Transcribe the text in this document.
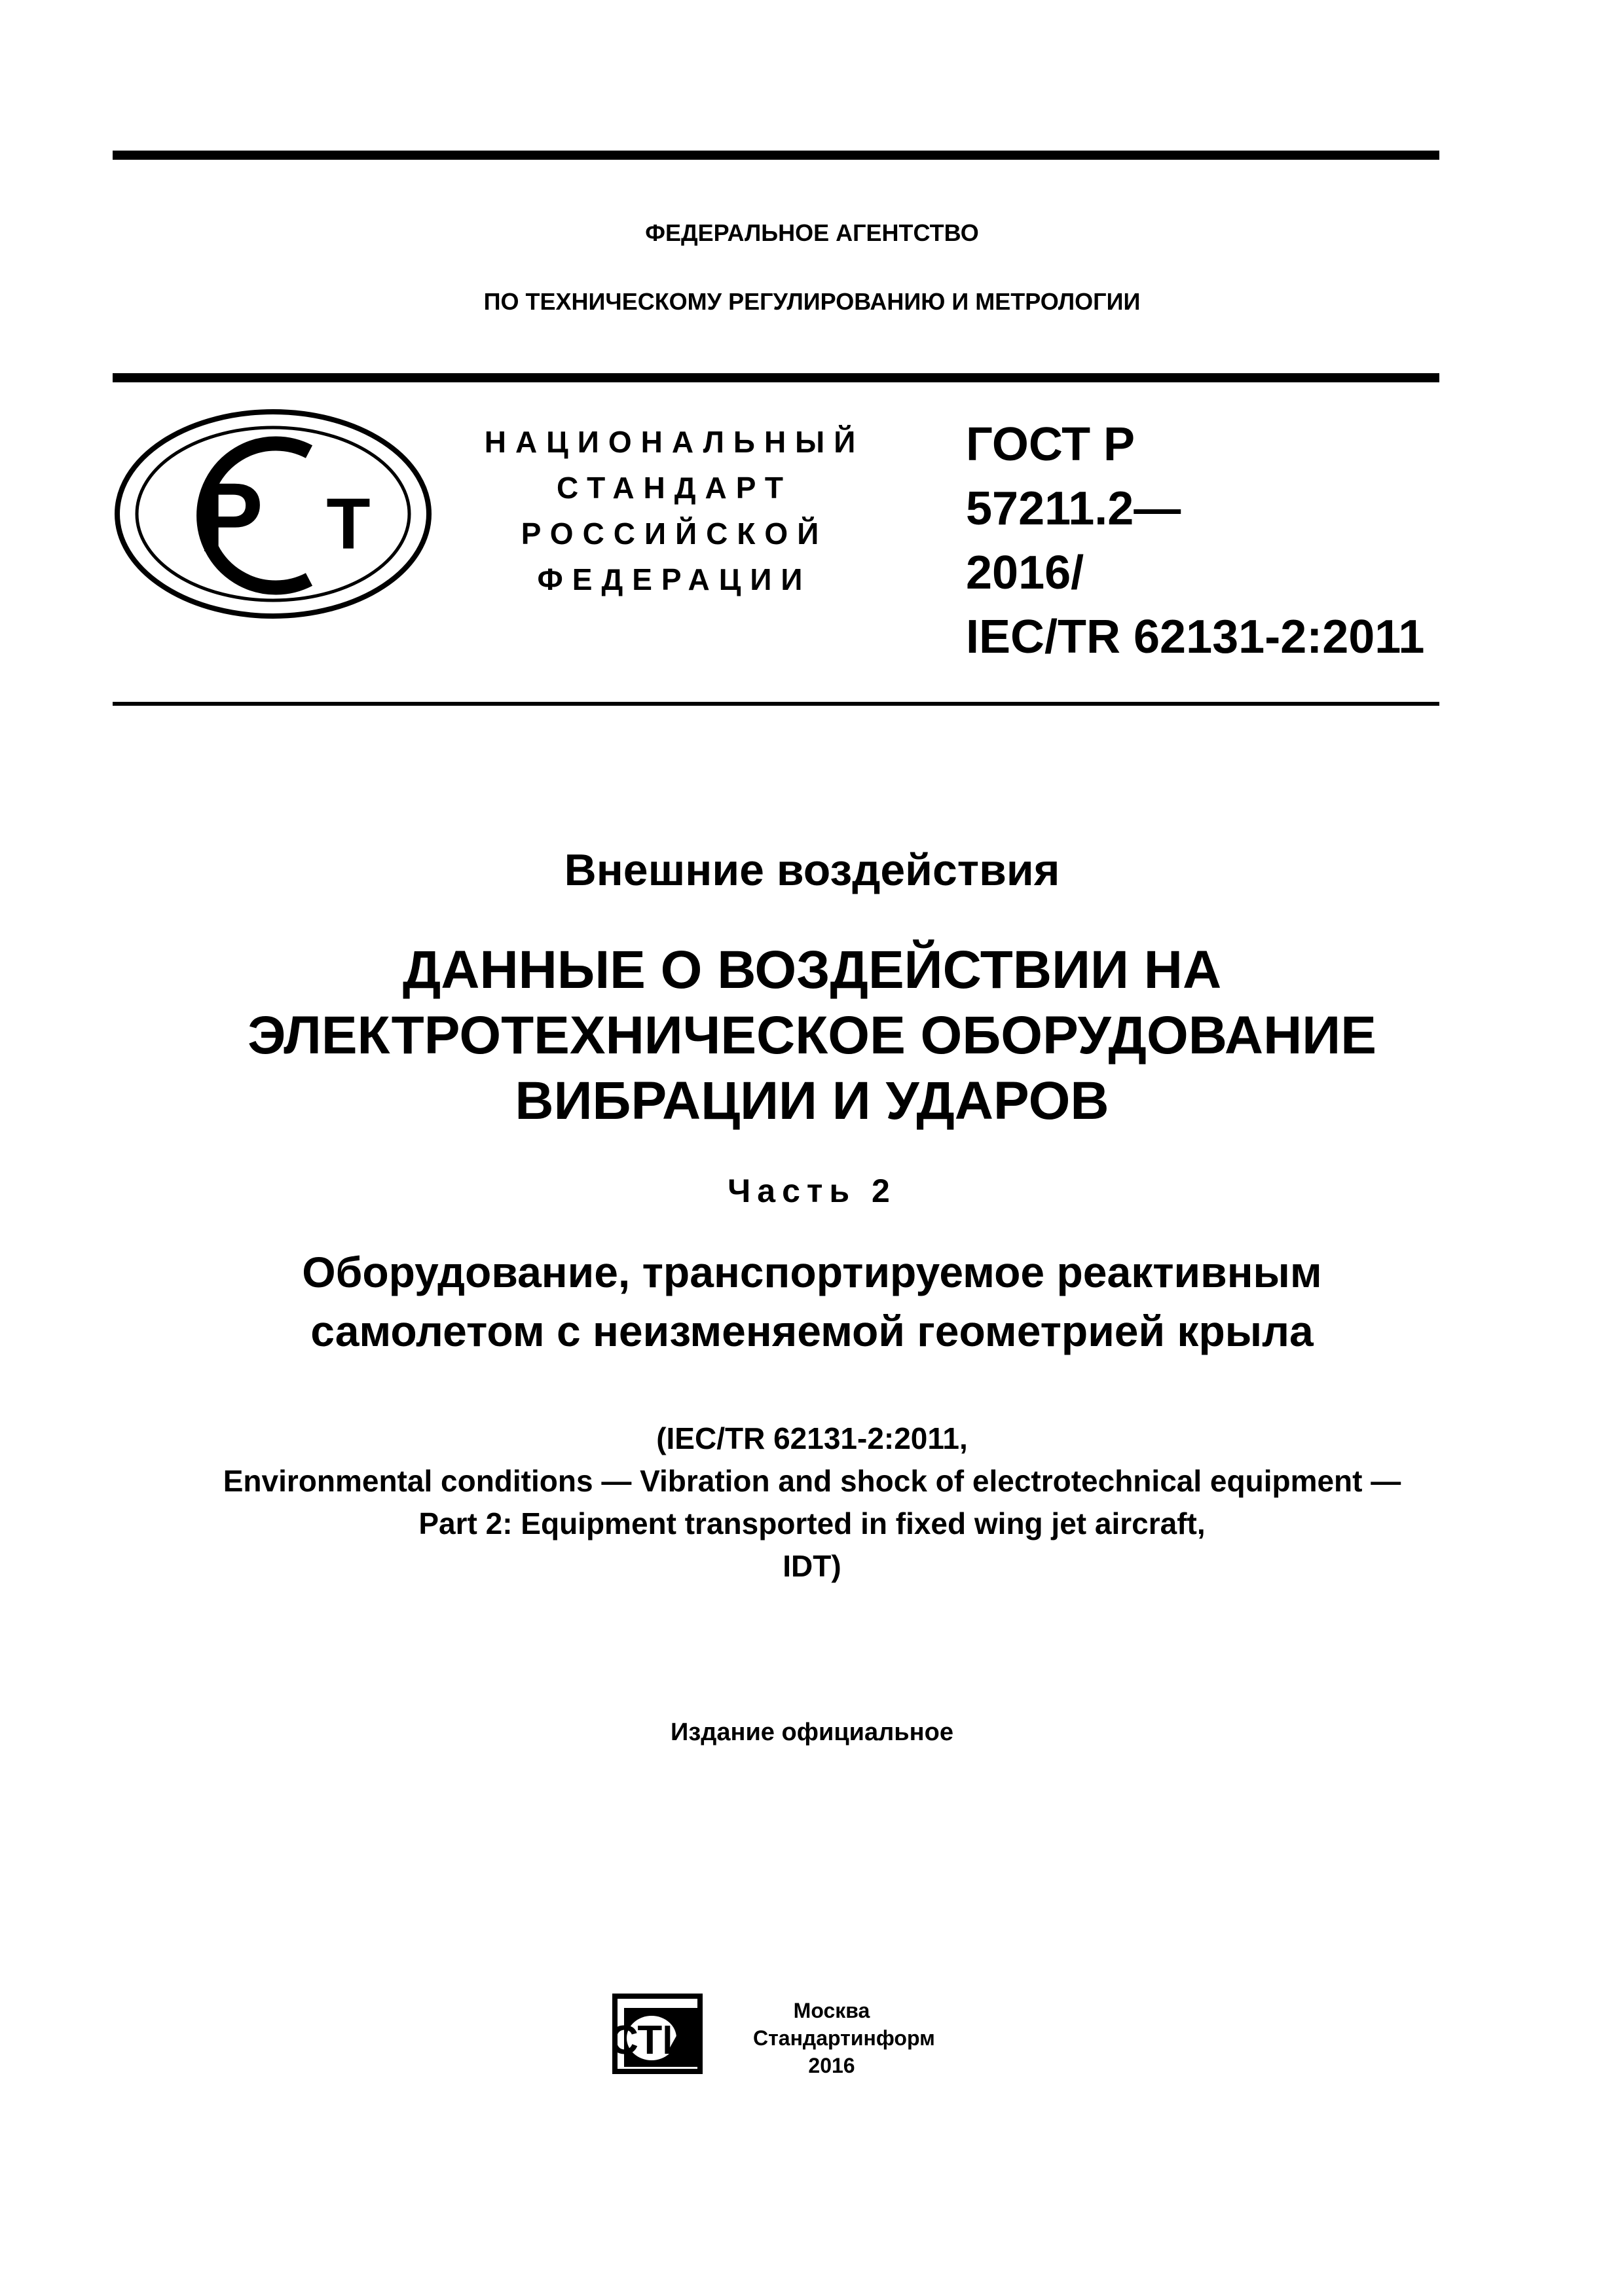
ФЕДЕРАЛЬНОЕ АГЕНТСТВО
ПО ТЕХНИЧЕСКОМУ РЕГУЛИРОВАНИЮ И МЕТРОЛОГИИ
Р Т
НАЦИОНАЛЬНЫЙ
СТАНДАРТ
РОССИЙСКОЙ
ФЕДЕРАЦИИ
ГОСТ Р
57211.2—
2016/
IEC/TR 62131-2:2011
Внешние воздействия
ДАННЫЕ О ВОЗДЕЙСТВИИ НА
ЭЛЕКТРОТЕХНИЧЕСКОЕ ОБОРУДОВАНИЕ
ВИБРАЦИИ И УДАРОВ
Часть 2
Оборудование, транспортируемое реактивным
самолетом с неизменяемой геометрией крыла
(IEC/TR 62131-2:2011,
Environmental conditions — Vibration and shock of electrotechnical equipment —
Part 2: Equipment transported in fixed wing jet aircraft,
IDT)
Издание официальное
СТИ
Москва
Стандартинформ
2016
